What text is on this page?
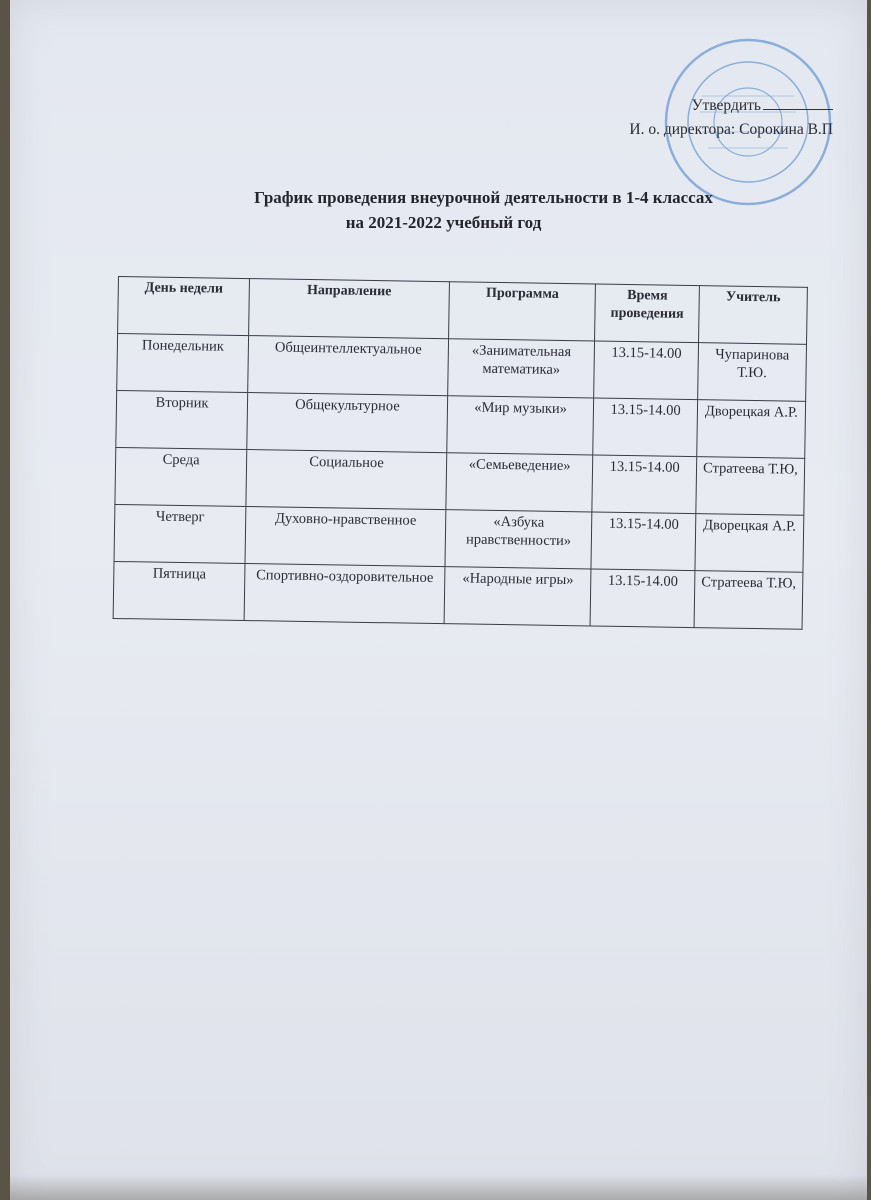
Утвердить
И. о. директора: Сорокина В.П
График проведения внеурочной деятельности в 1-4 классах
на 2021-2022 учебный год
День недели	Направление	Программа	Время проведения	Учитель
Понедельник	Общеинтеллектуальное	«Занимательная математика»	13.15-14.00	Чупаринова Т.Ю.
Вторник	Общекультурное	«Мир музыки»	13.15-14.00	Дворецкая А.Р.
Среда	Социальное	«Семьеведение»	13.15-14.00	Стратеева Т.Ю,
Четверг	Духовно-нравственное	«Азбука нравственности»	13.15-14.00	Дворецкая А.Р.
Пятница	Спортивно-оздоровительное	«Народные игры»	13.15-14.00	Стратеева Т.Ю,
